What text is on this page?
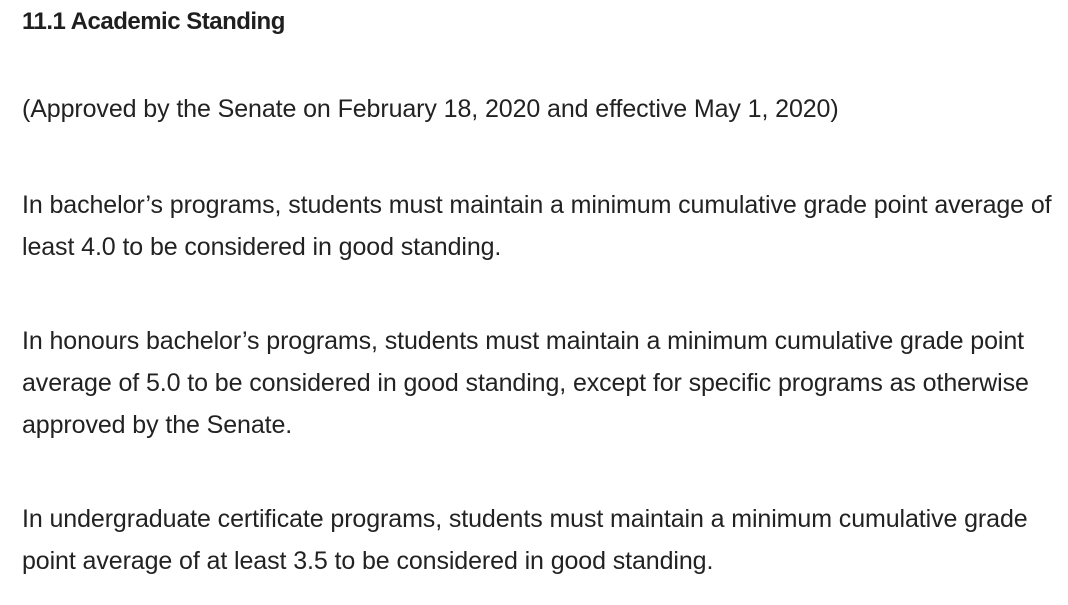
11.1 Academic Standing

(Approved by the Senate on February 18, 2020 and effective May 1, 2020)

In bachelor’s programs, students must maintain a minimum cumulative grade point average of least 4.0 to be considered in good standing.

In honours bachelor’s programs, students must maintain a minimum cumulative grade point average of 5.0 to be considered in good standing, except for specific programs as otherwise approved by the Senate.

In undergraduate certificate programs, students must maintain a minimum cumulative grade point average of at least 3.5 to be considered in good standing.
